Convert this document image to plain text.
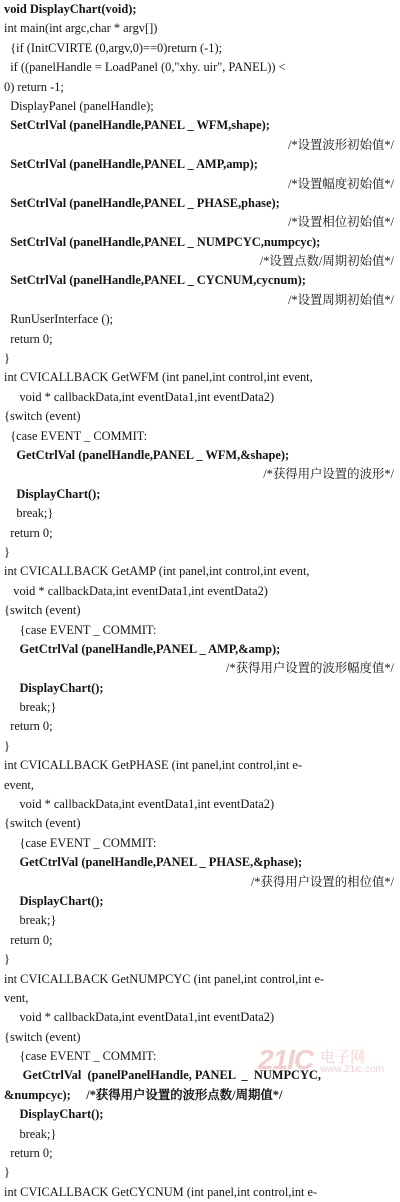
void DisplayChart(void);
int main(int argc,char * argv[])
{if (InitCVIRTE (0,argv,0)==0)return (-1);
if ((panelHandle = LoadPanel (0,"xhy. uir", PANEL)) <
0) return -1;
DisplayPanel (panelHandle);
SetCtrlVal (panelHandle,PANEL _ WFM,shape);
/*设置波形初始值*/
SetCtrlVal (panelHandle,PANEL _ AMP,amp);
/*设置幅度初始值*/
SetCtrlVal (panelHandle,PANEL _ PHASE,phase);
/*设置相位初始值*/
SetCtrlVal (panelHandle,PANEL _ NUMPCYC,numpcyc);
/*设置点数/周期初始值*/
SetCtrlVal (panelHandle,PANEL _ CYCNUM,cycnum);
/*设置周期初始值*/
RunUserInterface ();
return 0;
}
int CVICALLBACK GetWFM (int panel,int control,int event,
void * callbackData,int eventData1,int eventData2)
{switch (event)
{case EVENT _ COMMIT:
GetCtrlVal (panelHandle,PANEL _ WFM,&shape);
/*获得用户设置的波形*/
DisplayChart();
break;}
return 0;
}
int CVICALLBACK GetAMP (int panel,int control,int event,
void * callbackData,int eventData1,int eventData2)
{switch (event)
{case EVENT _ COMMIT:
GetCtrlVal (panelHandle,PANEL _ AMP,&amp);
/*获得用户设置的波形幅度值*/
DisplayChart();
break;}
return 0;
}
int CVICALLBACK GetPHASE (int panel,int control,int e-
event,
void * callbackData,int eventData1,int eventData2)
{switch (event)
{case EVENT _ COMMIT:
GetCtrlVal (panelHandle,PANEL _ PHASE,&phase);
/*获得用户设置的相位值*/
DisplayChart();
break;}
return 0;
}
int CVICALLBACK GetNUMPCYC (int panel,int control,int e-
vent,
void * callbackData,int eventData1,int eventData2)
{switch (event)
{case EVENT _ COMMIT:
GetCtrlVal  (panelPanelHandle, PANEL  _  NUMPCYC,
&numpcyc);     /*获得用户设置的波形点数/周期值*/
DisplayChart();
break;}
return 0;
}
int CVICALLBACK GetCYCNUM (int panel,int control,int e-
21IC 电子网
www.21ic.com
